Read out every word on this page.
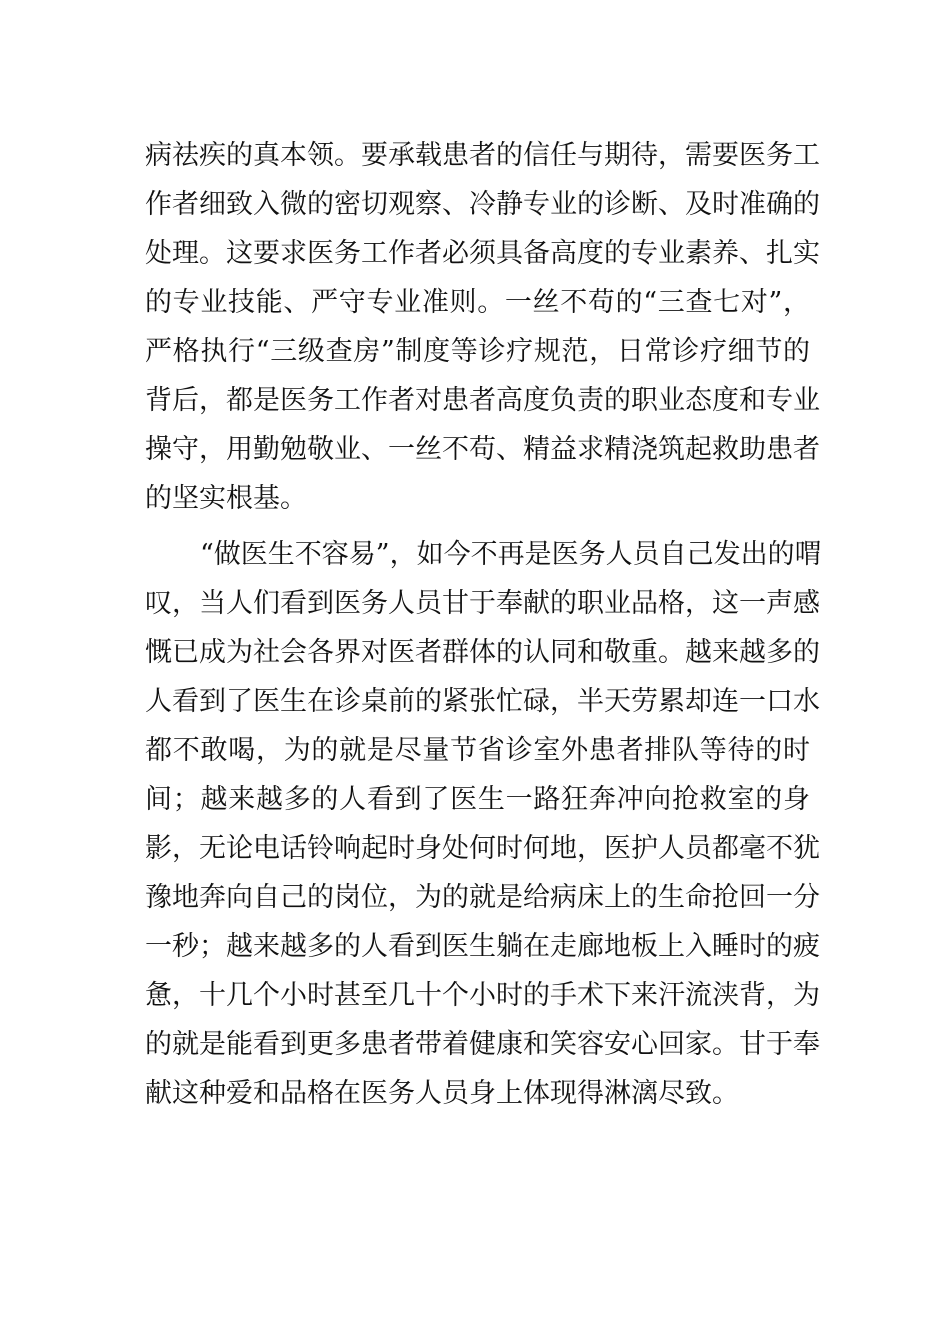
病祛疾的真本领。要承载患者的信任与期待，需要医务工
作者细致入微的密切观察、冷静专业的诊断、及时准确的
处理。这要求医务工作者必须具备高度的专业素养、扎实
的专业技能、严守专业准则。一丝不苟的“三查七对”，
严格执行“三级查房”制度等诊疗规范，日常诊疗细节的
背后，都是医务工作者对患者高度负责的职业态度和专业
操守，用勤勉敬业、一丝不苟、精益求精浇筑起救助患者
的坚实根基。
“做医生不容易”，如今不再是医务人员自己发出的喟
叹，当人们看到医务人员甘于奉献的职业品格，这一声感
慨已成为社会各界对医者群体的认同和敬重。越来越多的
人看到了医生在诊桌前的紧张忙碌，半天劳累却连一口水
都不敢喝，为的就是尽量节省诊室外患者排队等待的时
间；越来越多的人看到了医生一路狂奔冲向抢救室的身
影，无论电话铃响起时身处何时何地，医护人员都毫不犹
豫地奔向自己的岗位，为的就是给病床上的生命抢回一分
一秒；越来越多的人看到医生躺在走廊地板上入睡时的疲
惫，十几个小时甚至几十个小时的手术下来汗流浃背，为
的就是能看到更多患者带着健康和笑容安心回家。甘于奉
献这种爱和品格在医务人员身上体现得淋漓尽致。
